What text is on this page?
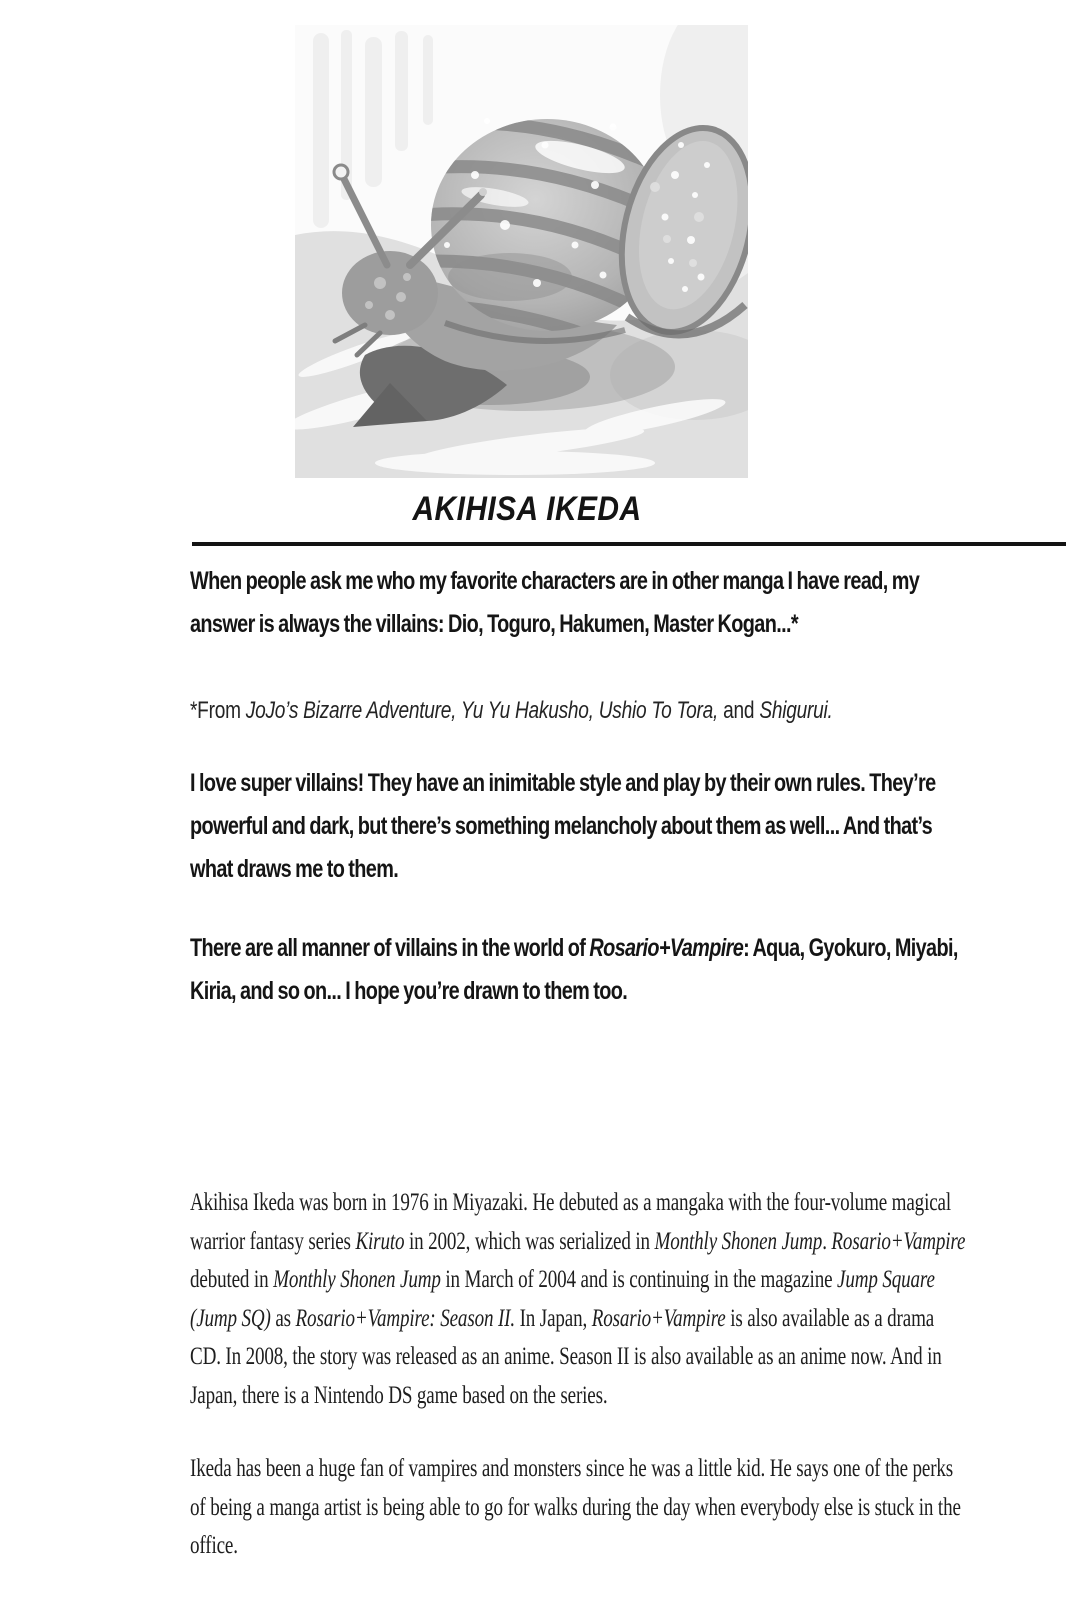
AKIHISA IKEDA

When people ask me who my favorite characters are in other manga I have read, my answer is always the villains: Dio, Toguro, Hakumen, Master Kogan...*

*From JoJo’s Bizarre Adventure, Yu Yu Hakusho, Ushio To Tora, and Shigurui.

I love super villains! They have an inimitable style and play by their own rules. They’re powerful and dark, but there’s something melancholy about them as well... And that’s what draws me to them.

There are all manner of villains in the world of Rosario+Vampire: Aqua, Gyokuro, Miyabi, Kiria, and so on... I hope you’re drawn to them too.

Akihisa Ikeda was born in 1976 in Miyazaki. He debuted as a mangaka with the four-volume magical warrior fantasy series Kiruto in 2002, which was serialized in Monthly Shonen Jump. Rosario+Vampire debuted in Monthly Shonen Jump in March of 2004 and is continuing in the magazine Jump Square (Jump SQ) as Rosario+Vampire: Season II. In Japan, Rosario+Vampire is also available as a drama CD. In 2008, the story was released as an anime. Season II is also available as an anime now. And in Japan, there is a Nintendo DS game based on the series.

Ikeda has been a huge fan of vampires and monsters since he was a little kid. He says one of the perks of being a manga artist is being able to go for walks during the day when everybody else is stuck in the office.
